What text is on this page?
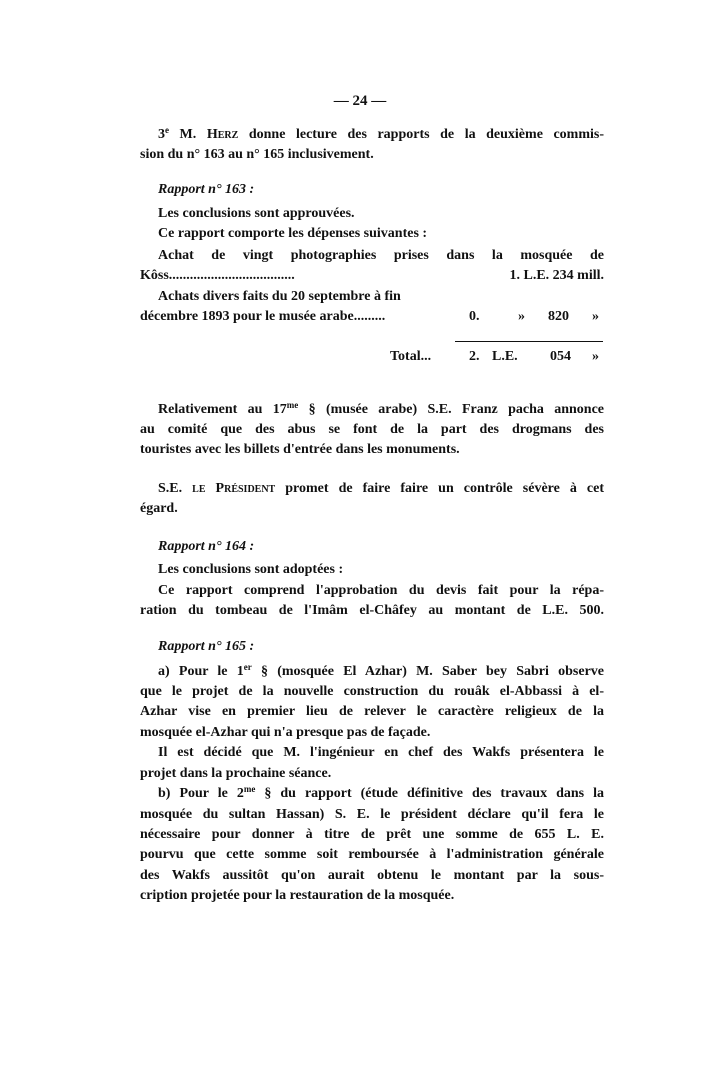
— 24 —
3e M. Herz donne lecture des rapports de la deuxième commis-
sion du n° 163 au n° 165 inclusivement.
Rapport n° 163 :
Les conclusions sont approuvées.
Ce rapport comporte les dépenses suivantes :
Achat de vingt photographies prises dans la mosquée de
Kôss....................................	1. L.E. 234 mill.
Achats divers faits du 20 septembre à fin
décembre 1893 pour le musée arabe.........	0.	» 820 »
Total...	2. L.E. 054 »
Relativement au $17^{me}$ § (musée arabe) S.E. Franz pacha annonce
au comité que des abus se font de la part des drogmans des
touristes avec les billets d'entrée dans les monuments.
S.E. le Président promet de faire faire un contrôle sévère à cet
égard.
Rapport n° 164 :
Les conclusions sont adoptées :
Ce rapport comprend l'approbation du devis fait pour la répa-
ration du tombeau de l'Imâm el-Châfey au montant de L.E. 500.
Rapport n° 165 :
a) Pour le 1er § (mosquée El Azhar) M. Saber bey Sabri observe
que le projet de la nouvelle construction du rouâk el-Abbassi à el-
Azhar vise en premier lieu de relever le caractère religieux de la
mosquée el-Azhar qui n'a presque pas de façade.
Il est décidé que M. l'ingénieur en chef des Wakfs présentera le
projet dans la prochaine séance.
b) Pour le $2^{me}$ § du rapport (étude définitive des travaux dans la
mosquée du sultan Hassan) S. E. le président déclare qu'il fera le
nécessaire pour donner à titre de prêt une somme de 655 L. E.
pourvu que cette somme soit remboursée à l'administration générale
des Wakfs aussitôt qu'on aurait obtenu le montant par la sous-
cription projetée pour la restauration de la mosquée.
